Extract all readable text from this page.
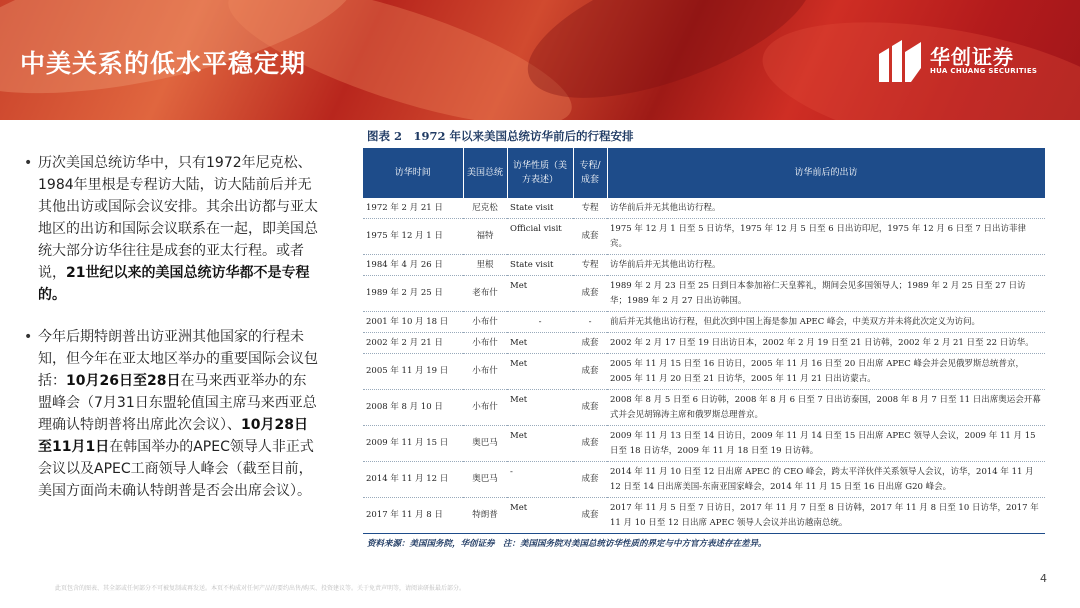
中美关系的低水平稳定期	华创证券
HUA CHUANG SECURITIES

• 历次美国总统访华中，只有1972年尼克松、1984年里根是专程访大陆，访大陆前后并无其他出访或国际会议安排。其余出访都与亚太地区的出访和国际会议联系在一起，即美国总统大部分访华往往是成套的亚太行程。或者说，21世纪以来的美国总统访华都不是专程的。

• 今年后期特朗普出访亚洲其他国家的行程未知，但今年在亚太地区举办的重要国际会议包括：10月26日至28日在马来西亚举办的东盟峰会（7月31日东盟轮值国主席马来西亚总理确认特朗普将出席此次会议）、10月28日至11月1日在韩国举办的APEC领导人非正式会议以及APEC工商领导人峰会（截至目前，美国方面尚未确认特朗普是否会出席会议）。

图表 2　1972 年以来美国总统访华前后的行程安排
访华时间	美国总统	访华性质（美方表述）	专程/成套	访华前后的出访
1972 年 2 月 21 日	尼克松	State visit	专程	访华前后并无其他出访行程。
1975 年 12 月 1 日	福特	Official visit	成套	1975 年 12 月 1 日至 5 日访华，1975 年 12 月 5 日至 6 日出访印尼，1975 年 12 月 6 日至 7 日出访菲律宾。
1984 年 4 月 26 日	里根	State visit	专程	访华前后并无其他出访行程。
1989 年 2 月 25 日	老布什	Met	成套	1989 年 2 月 23 日至 25 日到日本参加裕仁天皇葬礼，期间会见多国领导人；1989 年 2 月 25 日至 27 日访华；1989 年 2 月 27 日出访韩国。
2001 年 10 月 18 日	小布什	-	-	前后并无其他出访行程，但此次到中国上海是参加 APEC 峰会，中美双方并未将此次定义为访问。
2002 年 2 月 21 日	小布什	Met	成套	2002 年 2 月 17 日至 19 日出访日本，2002 年 2 月 19 日至 21 日访韩，2002 年 2 月 21 日至 22 日访华。
2005 年 11 月 19 日	小布什	Met	成套	2005 年 11 月 15 日至 16 日访日，2005 年 11 月 16 日至 20 日出席 APEC 峰会并会见俄罗斯总统普京，2005 年 11 月 20 日至 21 日访华，2005 年 11 月 21 日出访蒙古。
2008 年 8 月 10 日	小布什	Met	成套	2008 年 8 月 5 日至 6 日访韩，2008 年 8 月 6 日至 7 日出访泰国，2008 年 8 月 7 日至 11 日出席奥运会开幕式并会见胡锦涛主席和俄罗斯总理普京。
2009 年 11 月 15 日	奥巴马	Met	成套	2009 年 11 月 13 日至 14 日访日，2009 年 11 月 14 日至 15 日出席 APEC 领导人会议，2009 年 11 月 15 日至 18 日访华，2009 年 11 月 18 日至 19 日访韩。
2014 年 11 月 12 日	奥巴马	-	成套	2014 年 11 月 10 日至 12 日出席 APEC 的 CEO 峰会，跨太平洋伙伴关系领导人会议，访华，2014 年 11 月 12 日至 14 日出席美国-东南亚国家峰会，2014 年 11 月 15 日至 16 日出席 G20 峰会。
2017 年 11 月 8 日	特朗普	Met	成套	2017 年 11 月 5 日至 7 日访日，2017 年 11 月 7 日至 8 日访韩，2017 年 11 月 8 日至 10 日访华，2017 年 11 月 10 日至 12 日出席 APEC 领导人会议并出访越南总统。
资料来源：美国国务院，华创证券　注：美国国务院对美国总统访华性质的界定与中方官方表述存在差异。
此页包含的图表、其全部或任何部分不可被复制或再发送。本页不构成对任何产品的要约出售/购买、投资建议等。关于免责声明等，请阅读研报最后部分。
4
